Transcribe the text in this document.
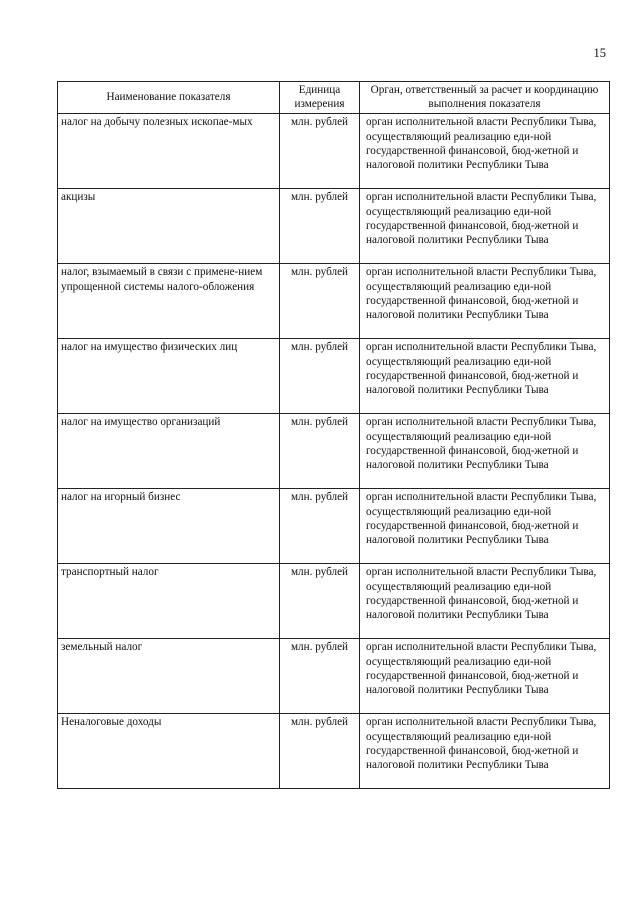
15
Наименование показателя	Единица измерения	Орган, ответственный за расчет и координацию выполнения показателя
налог на добычу полезных ископае-мых	млн. рублей	орган исполнительной власти Республики Тыва, осуществляющий реализацию еди-ной государственной финансовой, бюд-жетной и налоговой политики Республики Тыва
акцизы	млн. рублей	орган исполнительной власти Республики Тыва, осуществляющий реализацию еди-ной государственной финансовой, бюд-жетной и налоговой политики Республики Тыва
налог, взымаемый в связи с примене-нием упрощенной системы налого-обложения	млн. рублей	орган исполнительной власти Республики Тыва, осуществляющий реализацию еди-ной государственной финансовой, бюд-жетной и налоговой политики Республики Тыва
налог на имущество физических лиц	млн. рублей	орган исполнительной власти Республики Тыва, осуществляющий реализацию еди-ной государственной финансовой, бюд-жетной и налоговой политики Республики Тыва
налог на имущество организаций	млн. рублей	орган исполнительной власти Республики Тыва, осуществляющий реализацию еди-ной государственной финансовой, бюд-жетной и налоговой политики Республики Тыва
налог на игорный бизнес	млн. рублей	орган исполнительной власти Республики Тыва, осуществляющий реализацию еди-ной государственной финансовой, бюд-жетной и налоговой политики Республики Тыва
транспортный налог	млн. рублей	орган исполнительной власти Республики Тыва, осуществляющий реализацию еди-ной государственной финансовой, бюд-жетной и налоговой политики Республики Тыва
земельный налог	млн. рублей	орган исполнительной власти Республики Тыва, осуществляющий реализацию еди-ной государственной финансовой, бюд-жетной и налоговой политики Республики Тыва
Неналоговые доходы	млн. рублей	орган исполнительной власти Республики Тыва, осуществляющий реализацию еди-ной государственной финансовой, бюд-жетной и налоговой политики Республики Тыва
